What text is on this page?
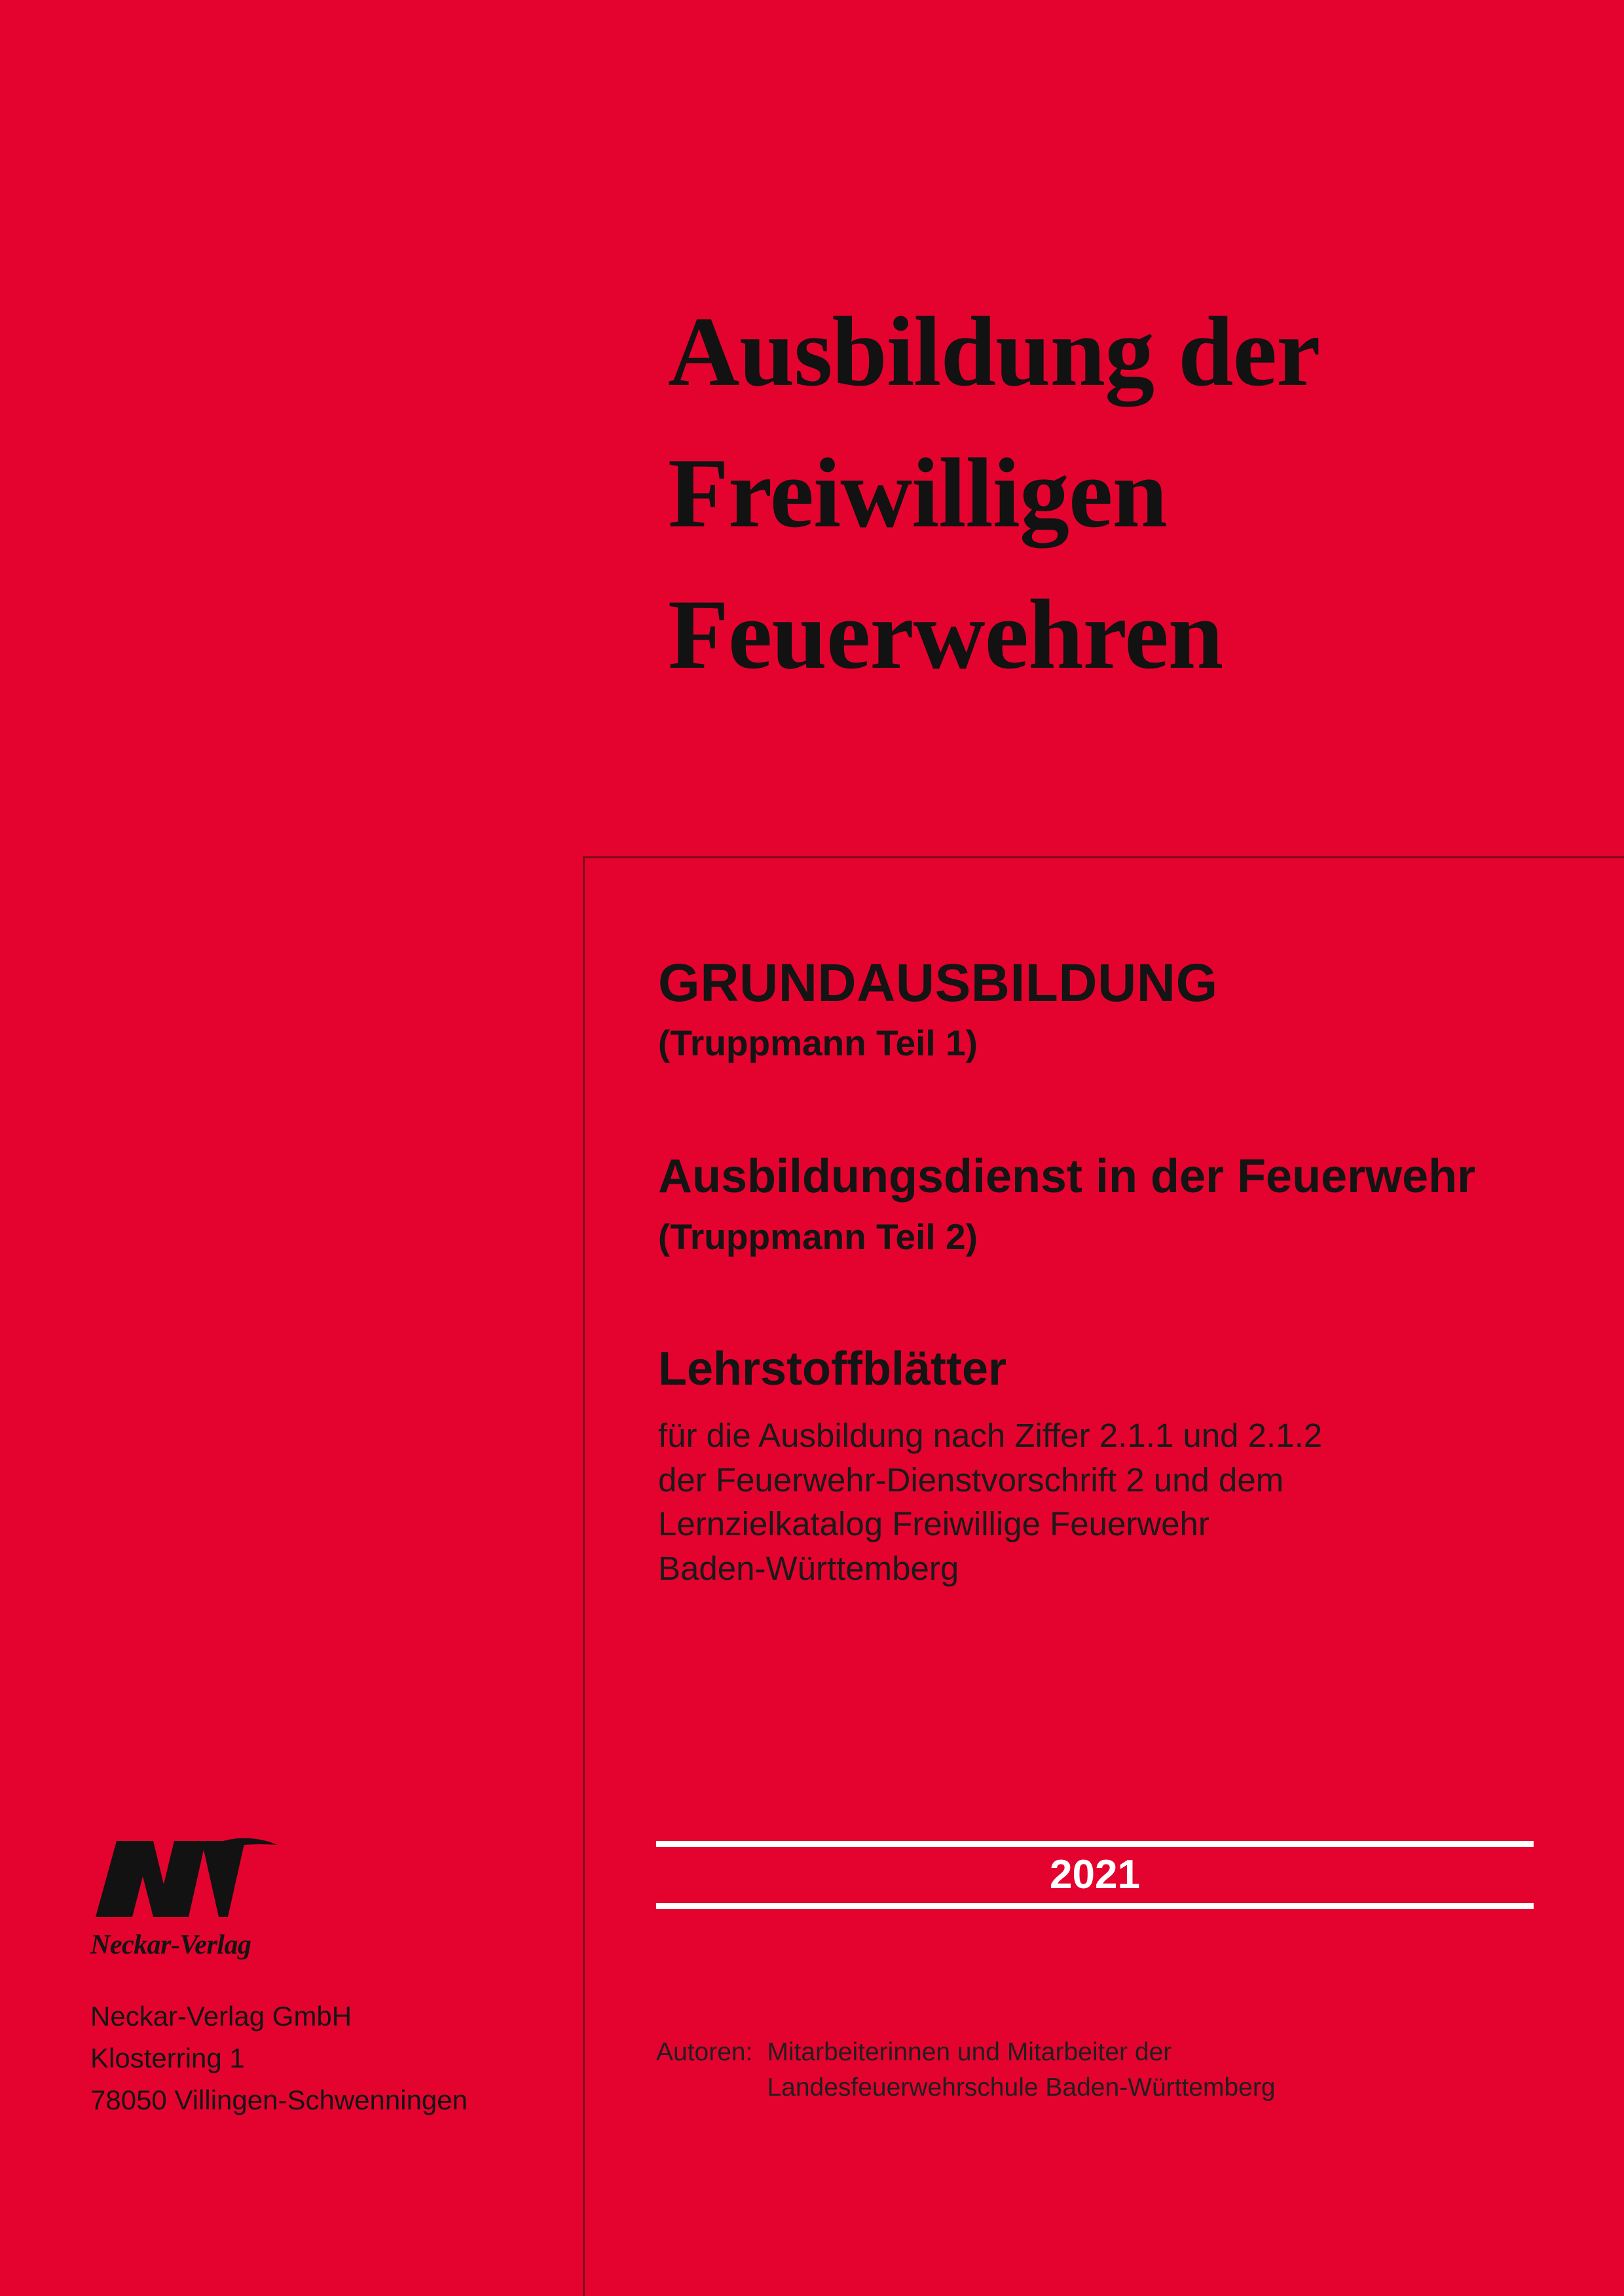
Ausbildung der
Freiwilligen
Feuerwehren
GRUNDAUSBILDUNG
(Truppmann Teil 1)
Ausbildungsdienst in der Feuerwehr
(Truppmann Teil 2)
Lehrstoffblätter

für die Ausbildung nach Ziffer 2.1.1 und 2.1.2
der Feuerwehr-Dienstvorschrift 2 und dem
Lernzielkatalog Freiwillige Feuerwehr
Baden-Württemberg

2021
Autoren: Mitarbeiterinnen und Mitarbeiter der
Landesfeuerwehrschule Baden-Württemberg
Neckar-Verlag
Neckar-Verlag GmbH
Klosterring 1
78050 Villingen-Schwenningen
